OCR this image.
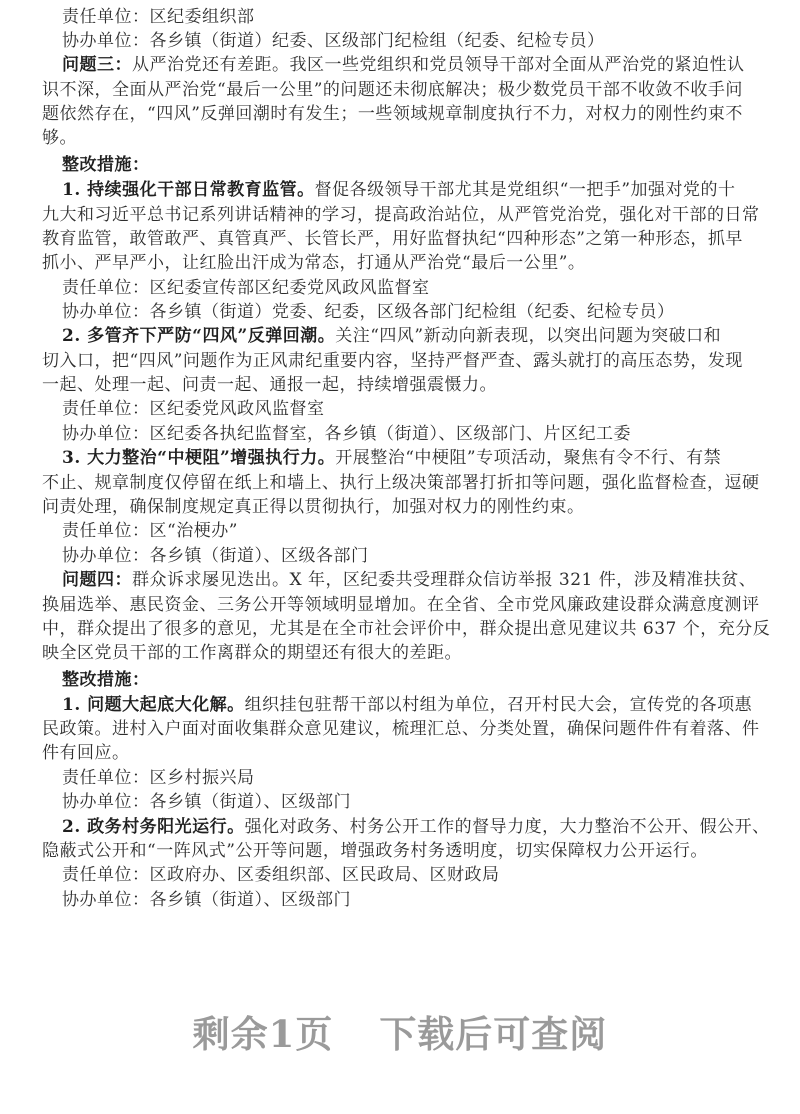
责任单位：区纪委组织部
协办单位：各乡镇（街道）纪委、区级部门纪检组（纪委、纪检专员）
问题三：从严治党还有差距。我区一些党组织和党员领导干部对全面从严治党的紧迫性认
识不深，全面从严治党“最后一公里”的问题还未彻底解决；极少数党员干部不收敛不收手问
题依然存在，“四风”反弹回潮时有发生；一些领域规章制度执行不力，对权力的刚性约束不
够。
整改措施：
1. 持续强化干部日常教育监管。督促各级领导干部尤其是党组织“一把手”加强对党的十
九大和习近平总书记系列讲话精神的学习，提高政治站位，从严管党治党，强化对干部的日常
教育监管，敢管敢严、真管真严、长管长严，用好监督执纪“四种形态”之第一种形态，抓早
抓小、严早严小，让红脸出汗成为常态，打通从严治党“最后一公里”。
责任单位：区纪委宣传部区纪委党风政风监督室
协办单位：各乡镇（街道）党委、纪委，区级各部门纪检组（纪委、纪检专员）
2. 多管齐下严防“四风”反弹回潮。关注“四风”新动向新表现，以突出问题为突破口和
切入口，把“四风”问题作为正风肃纪重要内容，坚持严督严查、露头就打的高压态势，发现
一起、处理一起、问责一起、通报一起，持续增强震慑力。
责任单位：区纪委党风政风监督室
协办单位：区纪委各执纪监督室，各乡镇（街道）、区级部门、片区纪工委
3. 大力整治“中梗阻”增强执行力。开展整治“中梗阻”专项活动，聚焦有令不行、有禁
不止、规章制度仅停留在纸上和墙上、执行上级决策部署打折扣等问题，强化监督检查，逗硬
问责处理，确保制度规定真正得以贯彻执行，加强对权力的刚性约束。
责任单位：区“治梗办”
协办单位：各乡镇（街道）、区级各部门
问题四：群众诉求屡见迭出。X 年，区纪委共受理群众信访举报 321 件，涉及精准扶贫、
换届选举、惠民资金、三务公开等领域明显增加。在全省、全市党风廉政建设群众满意度测评
中，群众提出了很多的意见，尤其是在全市社会评价中，群众提出意见建议共 637 个，充分反
映全区党员干部的工作离群众的期望还有很大的差距。
整改措施：
1. 问题大起底大化解。组织挂包驻帮干部以村组为单位，召开村民大会，宣传党的各项惠
民政策。进村入户面对面收集群众意见建议，梳理汇总、分类处置，确保问题件件有着落、件
件有回应。
责任单位：区乡村振兴局
协办单位：各乡镇（街道）、区级部门
2. 政务村务阳光运行。强化对政务、村务公开工作的督导力度，大力整治不公开、假公开、
隐蔽式公开和“一阵风式”公开等问题，增强政务村务透明度，切实保障权力公开运行。
责任单位：区政府办、区委组织部、区民政局、区财政局
协办单位：各乡镇（街道）、区级部门
剩余1页 下载后可查阅
